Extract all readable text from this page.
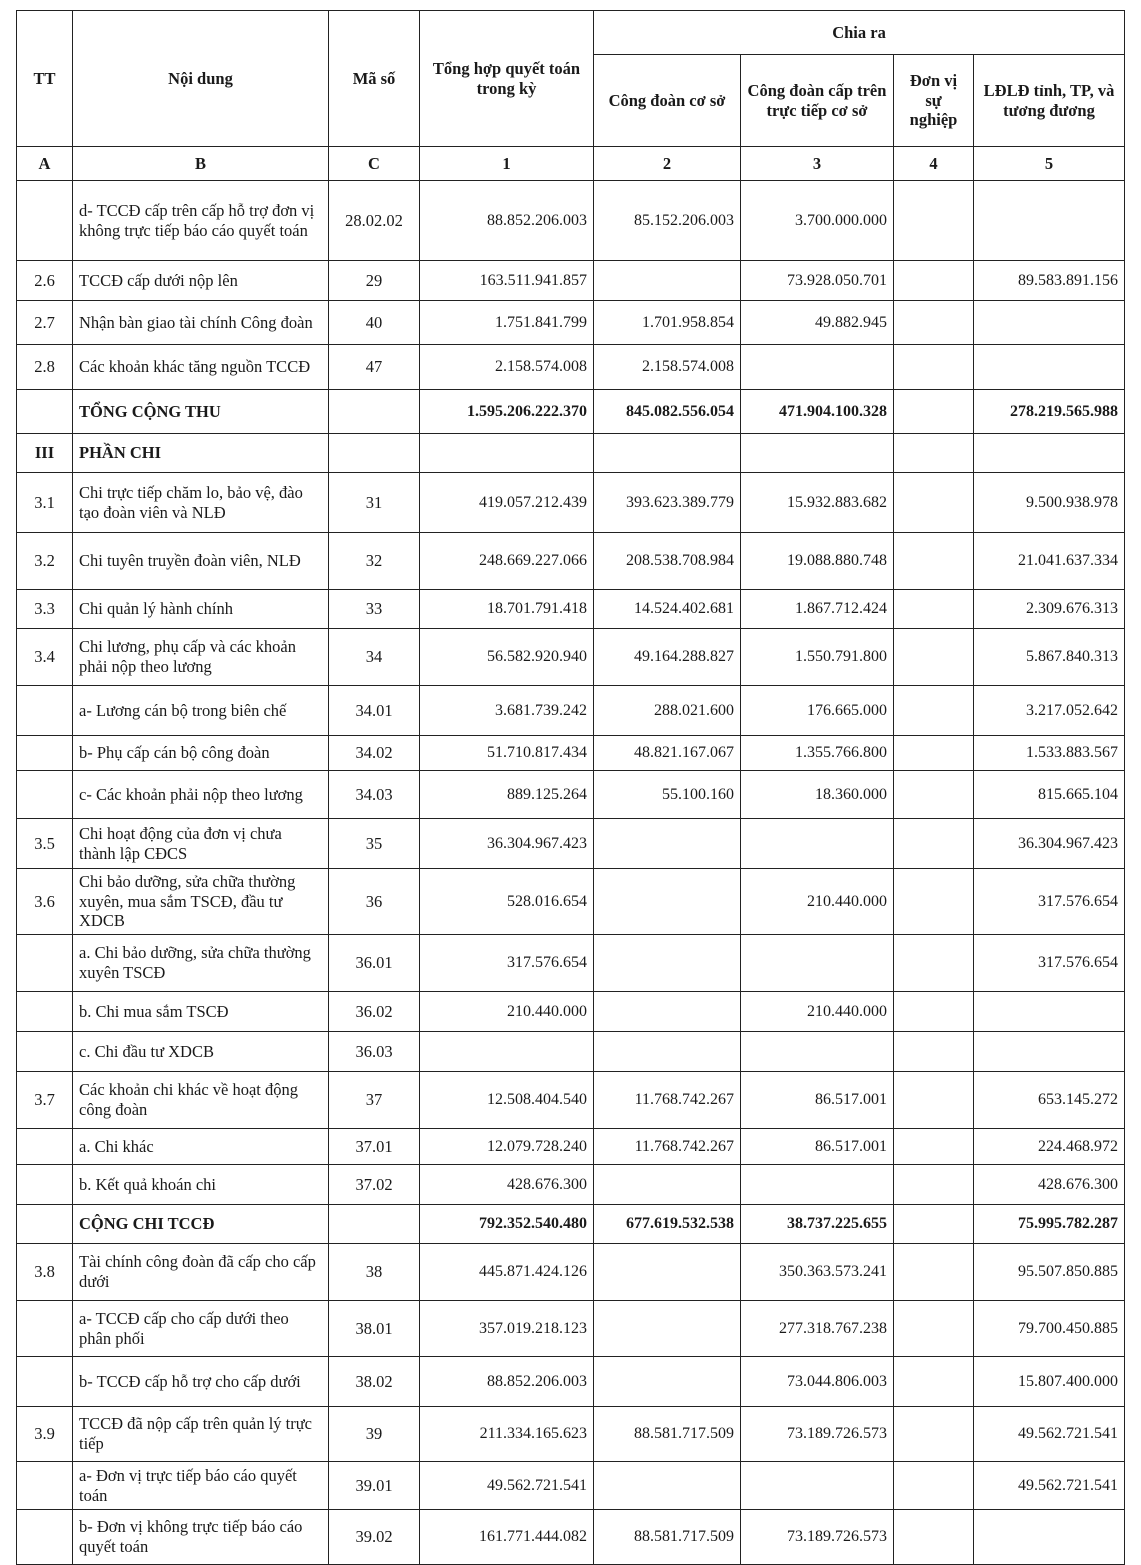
TT	Nội dung	Mã số	Tổng hợp quyết toán trong kỳ	Chia ra			
				Công đoàn cơ sở	Công đoàn cấp trên trực tiếp cơ sở	Đơn vị sự nghiệp	LĐLĐ tỉnh, TP, và tương đương
A	B	C	1	2	3	4	5
	d- TCCĐ cấp trên cấp hỗ trợ đơn vị không trực tiếp báo cáo quyết toán	28.02.02	88.852.206.003	85.152.206.003	3.700.000.000		
2.6	TCCĐ cấp dưới nộp lên	29	163.511.941.857		73.928.050.701		89.583.891.156
2.7	Nhận bàn giao tài chính Công đoàn	40	1.751.841.799	1.701.958.854	49.882.945		
2.8	Các khoản khác tăng nguồn TCCĐ	47	2.158.574.008	2.158.574.008			
	TỔNG CỘNG THU		1.595.206.222.370	845.082.556.054	471.904.100.328		278.219.565.988
III	PHẦN CHI						
3.1	Chi trực tiếp chăm lo, bảo vệ, đào tạo đoàn viên và NLĐ	31	419.057.212.439	393.623.389.779	15.932.883.682		9.500.938.978
3.2	Chi tuyên truyền đoàn viên, NLĐ	32	248.669.227.066	208.538.708.984	19.088.880.748		21.041.637.334
3.3	Chi quản lý hành chính	33	18.701.791.418	14.524.402.681	1.867.712.424		2.309.676.313
3.4	Chi lương, phụ cấp và các khoản phải nộp theo lương	34	56.582.920.940	49.164.288.827	1.550.791.800		5.867.840.313
	a- Lương cán bộ trong biên chế	34.01	3.681.739.242	288.021.600	176.665.000		3.217.052.642
	b- Phụ cấp cán bộ công đoàn	34.02	51.710.817.434	48.821.167.067	1.355.766.800		1.533.883.567
	c- Các khoản phải nộp theo lương	34.03	889.125.264	55.100.160	18.360.000		815.665.104
3.5	Chi hoạt động của đơn vị chưa thành lập CĐCS	35	36.304.967.423				36.304.967.423
3.6	Chi bảo dưỡng, sửa chữa thường xuyên, mua sắm TSCĐ, đầu tư XDCB	36	528.016.654		210.440.000		317.576.654
	a. Chi bảo dưỡng, sửa chữa thường xuyên TSCĐ	36.01	317.576.654				317.576.654
	b. Chi mua sắm TSCĐ	36.02	210.440.000		210.440.000		
	c. Chi đầu tư XDCB	36.03					
3.7	Các khoản chi khác về hoạt động công đoàn	37	12.508.404.540	11.768.742.267	86.517.001		653.145.272
	a. Chi khác	37.01	12.079.728.240	11.768.742.267	86.517.001		224.468.972
	b. Kết quả khoán chi	37.02	428.676.300				428.676.300
	CỘNG CHI TCCĐ		792.352.540.480	677.619.532.538	38.737.225.655		75.995.782.287
3.8	Tài chính công đoàn đã cấp cho cấp dưới	38	445.871.424.126		350.363.573.241		95.507.850.885
	a- TCCĐ cấp cho cấp dưới theo phân phối	38.01	357.019.218.123		277.318.767.238		79.700.450.885
	b- TCCĐ cấp hỗ trợ cho cấp dưới	38.02	88.852.206.003		73.044.806.003		15.807.400.000
3.9	TCCĐ đã nộp cấp trên quản lý trực tiếp	39	211.334.165.623	88.581.717.509	73.189.726.573		49.562.721.541
	a- Đơn vị trực tiếp báo cáo quyết toán	39.01	49.562.721.541				49.562.721.541
	b- Đơn vị không trực tiếp báo cáo quyết toán	39.02	161.771.444.082	88.581.717.509	73.189.726.573		
